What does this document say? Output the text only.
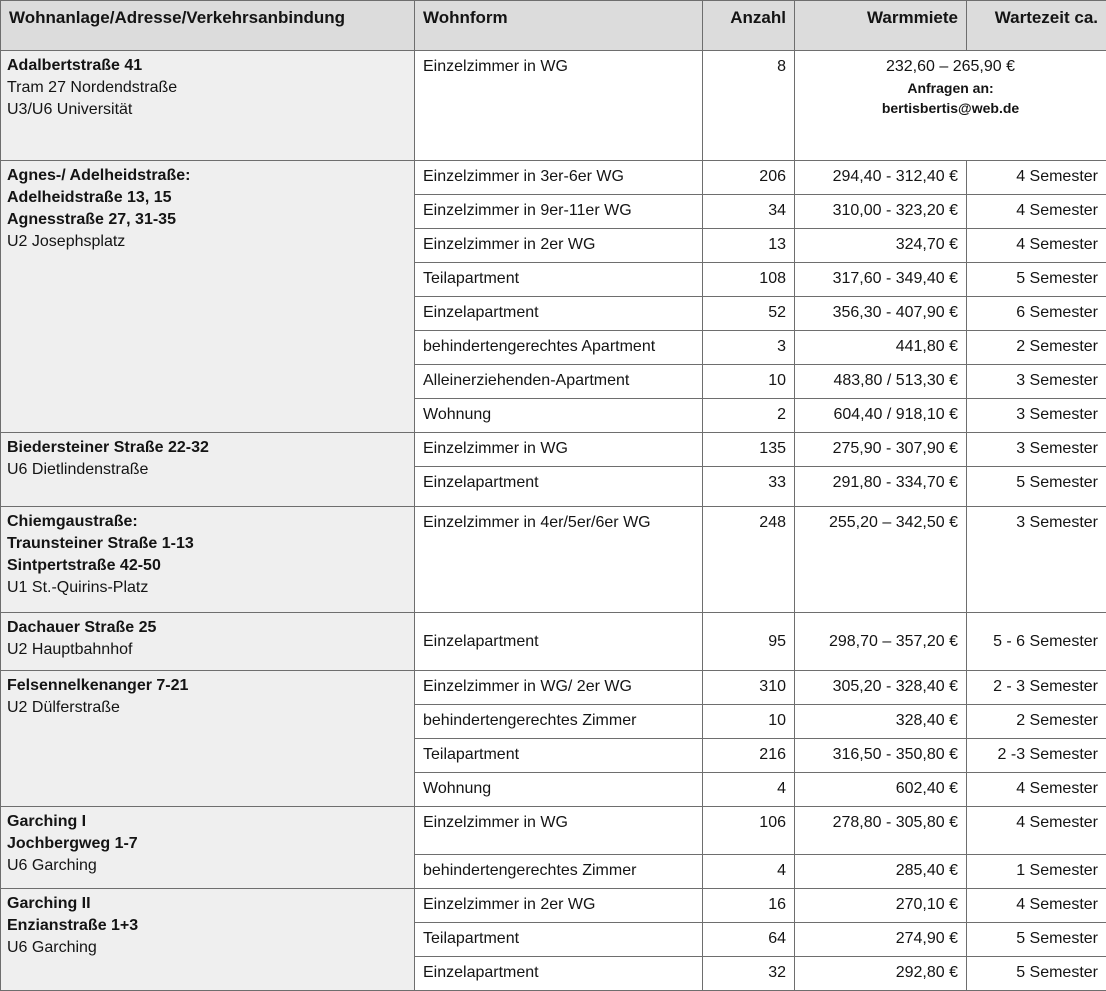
Wohnanlage/Adresse/Verkehrsanbindung	Wohnform	Anzahl	Warmmiete	Wartezeit ca.

Adalbertstraße 41
Tram 27 Nordendstraße
U3/U6 Universität	Einzelzimmer in WG	8	232,60 – 265,90 €
Anfragen an:
bertisbertis@web.de	

Agnes-/ Adelheidstraße:
Adelheidstraße 13, 15
Agnesstraße 27, 31-35
U2 Josephsplatz	Einzelzimmer in 3er-6er WG	206	294,40 - 312,40 €	4 Semester
	Einzelzimmer in 9er-11er WG	34	310,00 - 323,20 €	4 Semester
	Einzelzimmer in 2er WG	13	324,70 €	4 Semester
	Teilapartment	108	317,60 - 349,40 €	5 Semester
	Einzelapartment	52	356,30 - 407,90 €	6 Semester
	behindertengerechtes Apartment	3	441,80 €	2 Semester
	Alleinerziehenden-Apartment	10	483,80 / 513,30 €	3 Semester
	Wohnung	2	604,40 / 918,10 €	3 Semester

Biedersteiner Straße 22-32
U6 Dietlindenstraße	Einzelzimmer in WG	135	275,90 - 307,90 €	3 Semester
	Einzelapartment	33	291,80 - 334,70 €	5 Semester

Chiemgaustraße:
Traunsteiner Straße 1-13
Sintpertstraße 42-50
U1 St.-Quirins-Platz	Einzelzimmer in 4er/5er/6er WG	248	255,20 – 342,50 €	3 Semester

Dachauer Straße 25
U2 Hauptbahnhof	Einzelapartment	95	298,70 – 357,20 €	5 - 6 Semester

Felsennelkenanger 7-21
U2 Dülferstraße	Einzelzimmer in WG/ 2er WG	310	305,20 - 328,40 €	2 - 3 Semester
	behindertengerechtes Zimmer	10	328,40 €	2 Semester
	Teilapartment	216	316,50 - 350,80 €	2 -3 Semester
	Wohnung	4	602,40 €	4 Semester

Garching I
Jochbergweg 1-7
U6 Garching	Einzelzimmer in WG	106	278,80 - 305,80 €	4 Semester
	behindertengerechtes Zimmer	4	285,40 €	1 Semester

Garching II
Enzianstraße 1+3
U6 Garching	Einzelzimmer in 2er WG	16	270,10 €	4 Semester
	Teilapartment	64	274,90 €	5 Semester
	Einzelapartment	32	292,80 €	5 Semester
